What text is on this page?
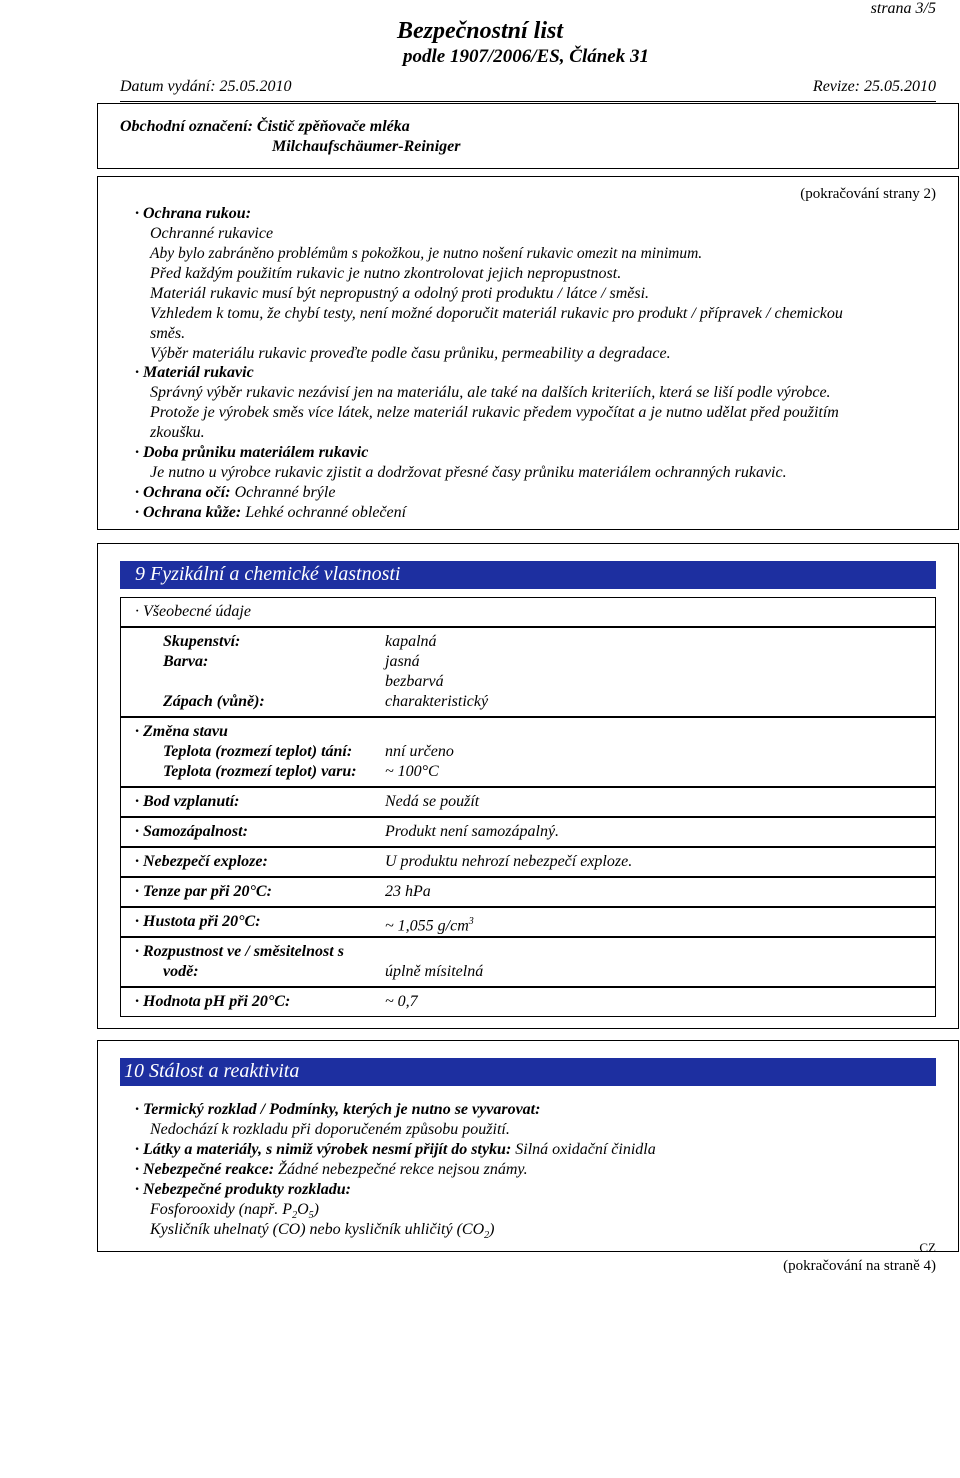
strana 3/5
Bezpečnostní list
podle 1907/2006/ES, Článek 31
Datum vydání: 25.05.2010	Revize: 25.05.2010
Obchodní označení: Čistič zpěňovače mléka
Milchaufschäumer-Reiniger
(pokračování strany 2)
· Ochrana rukou:
Ochranné rukavice
Aby bylo zabráněno problémům s pokožkou, je nutno nošení rukavic omezit na minimum.
Před každým použitím rukavic je nutno zkontrolovat jejich nepropustnost.
Materiál rukavic musí být nepropustný a odolný proti produktu / látce / směsi.
Vzhledem k tomu, že chybí testy, není možné doporučit materiál rukavic pro produkt / přípravek / chemickou
směs.
Výběr materiálu rukavic proveďte podle času průniku, permeability a degradace.
· Materiál rukavic
Správný výběr rukavic nezávisí jen na materiálu, ale také na dalších kriteriích, která se liší podle výrobce.
Protože je výrobek směs více látek, nelze materiál rukavic předem vypočítat a je nutno udělat před použitím
zkoušku.
· Doba průniku materiálem rukavic
Je nutno u výrobce rukavic zjistit a dodržovat přesné časy průniku materiálem ochranných rukavic.
· Ochrana očí: Ochranné brýle
· Ochrana kůže: Lehké ochranné oblečení
9 Fyzikální a chemické vlastnosti
· Všeobecné údaje
Skupenství:	kapalná
Barva:	jasná
bezbarvá
Zápach (vůně):	charakteristický
· Změna stavu
Teplota (rozmezí teplot) tání: nní určeno
Teplota (rozmezí teplot) varu: ~ 100°C
· Bod vzplanutí:	Nedá se použít
· Samozápalnost:	Produkt není samozápalný.
· Nebezpečí exploze:	U produktu nehrozí nebezpečí exploze.
· Tenze par při 20°C:	23 hPa
· Hustota při 20°C:	~ 1,055 $g/cm^3$
· Rozpustnost ve / směsitelnost s
vodě:	úplně mísitelná
· Hodnota pH při 20°C:	~ 0,7
10 Stálost a reaktivita
· Termický rozklad / Podmínky, kterých je nutno se vyvarovat:
Nedochází k rozkladu při doporučeném způsobu použití.
· Látky a materiály, s nimiž výrobek nesmí přijít do styku: Silná oxidační činidla
· Nebezpečné reakce: Žádné nebezpečné rekce nejsou známy.
· Nebezpečné produkty rozkladu:
Fosforooxidy (např. $P_2O_5$)
Kysličník uhelnatý (CO) nebo kysličník uhličitý $(CO_2)$
CZ
(pokračování na straně 4)
